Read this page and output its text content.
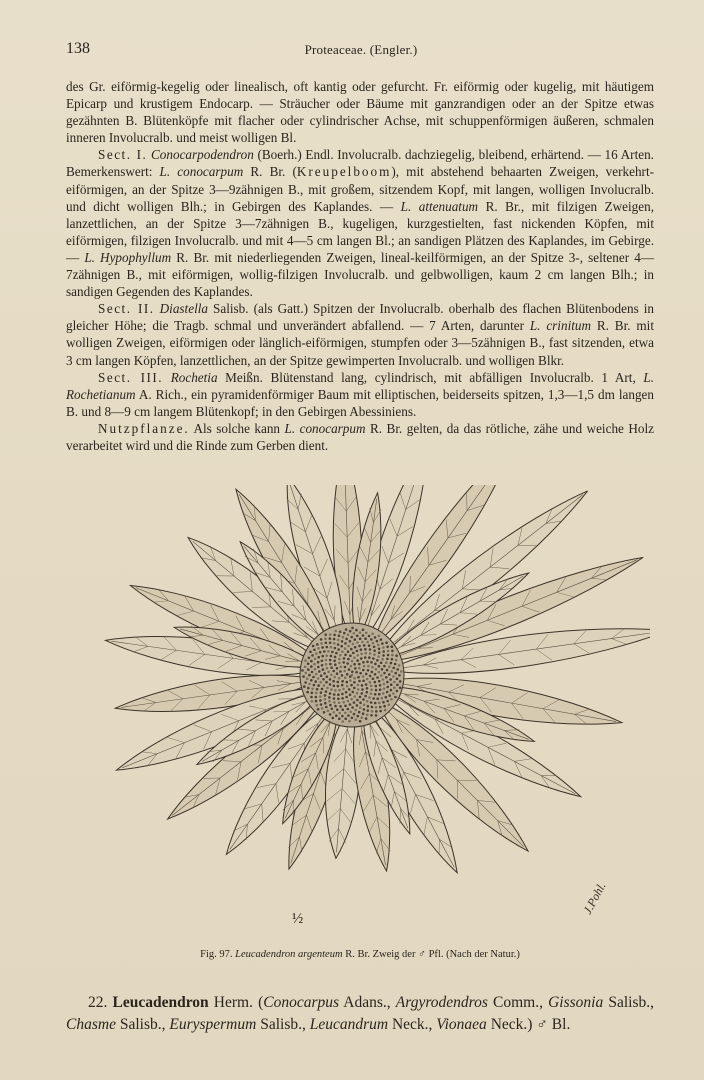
138	Proteaceae. (Engler.)

des Gr. eiförmig-kegelig oder linealisch, oft kantig oder gefurcht. Fr. eiförmig oder kugelig, mit häutigem Epicarp und krustigem Endocarp. — Sträucher oder Bäume mit ganzrandigen oder an der Spitze etwas gezähnten B. Blütenköpfe mit flacher oder cylindrischer Achse, mit schuppenförmigen äußeren, schmalen inneren Involucralb. und meist wolligen Bl.

Sect. I. Conocarpodendron (Boerh.) Endl. Involucralb. dachziegelig, bleibend, erhärtend. — 16 Arten. Bemerkenswert: L. conocarpum R. Br. (Kreupelboom), mit abstehend behaarten Zweigen, verkehrt-eiförmigen, an der Spitze 3—9zähnigen B., mit großem, sitzendem Kopf, mit langen, wolligen Involucralb. und dicht wolligen Blh.; in Gebirgen des Kaplandes. — L. attenuatum R. Br., mit filzigen Zweigen, lanzettlichen, an der Spitze 3—7zähnigen B., kugeligen, kurzgestielten, fast nickenden Köpfen, mit eiförmigen, filzigen Involucralb. und mit 4—5 cm langen Bl.; an sandigen Plätzen des Kaplandes, im Gebirge. — L. Hypophyllum R. Br. mit niederliegenden Zweigen, lineal-keilförmigen, an der Spitze 3-, seltener 4—7zähnigen B., mit eiförmigen, wollig-filzigen Involucralb. und gelbwolligen, kaum 2 cm langen Blh.; in sandigen Gegenden des Kaplandes.

Sect. II. Diastella Salisb. (als Gatt.) Spitzen der Involucralb. oberhalb des flachen Blütenbodens in gleicher Höhe; die Tragb. schmal und unverändert abfallend. — 7 Arten, darunter L. crinitum R. Br. mit wolligen Zweigen, eiförmigen oder länglich-eiförmigen, stumpfen oder 3—5zähnigen B., fast sitzenden, etwa 3 cm langen Köpfen, lanzettlichen, an der Spitze gewimperten Involucralb. und wolligen Blkr.

Sect. III. Rochetia Meißn. Blütenstand lang, cylindrisch, mit abfälligen Involucralb. 1 Art, L. Rochetianum A. Rich., ein pyramidenförmiger Baum mit elliptischen, beiderseits spitzen, 1,3—1,5 dm langen B. und 8—9 cm langem Blütenkopf; in den Gebirgen Abessiniens.

Nutzpflanze. Als solche kann L. conocarpum R. Br. gelten, da das rötliche, zähe und weiche Holz verarbeitet wird und die Rinde zum Gerben dient.

½
J.Pohl.
Fig. 97. Leucadendron argenteum R. Br. Zweig der ♂ Pfl. (Nach der Natur.)
22. Leucadendron Herm. (Conocarpus Adans., Argyrodendros Comm., Gissonia Salisb., Chasme Salisb., Euryspermum Salisb., Leucandrum Neck., Vionaea Neck.) ♂ Bl.
